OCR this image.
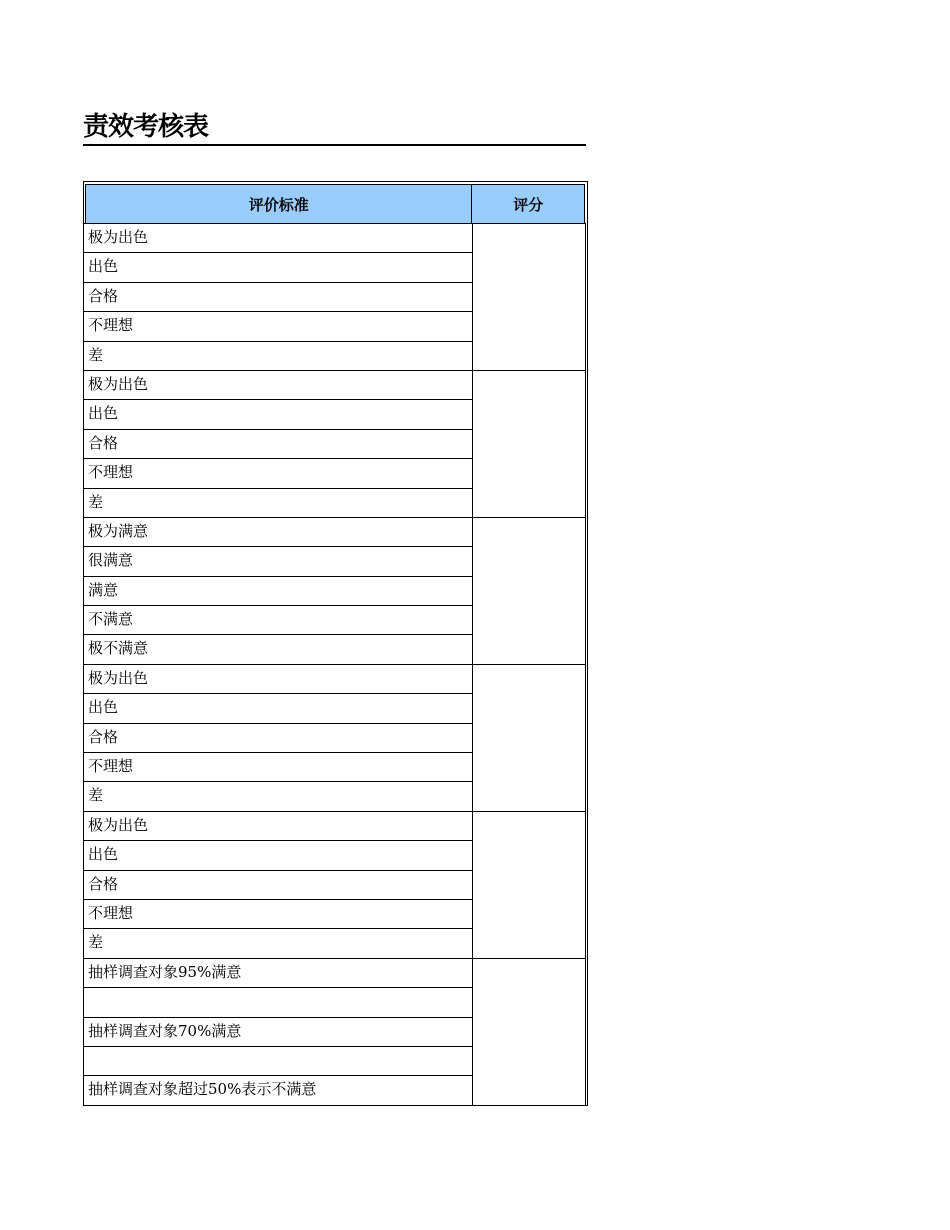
责效考核表
评价标准	评分
极为出色
出色
合格
不理想
差
极为出色
出色
合格
不理想
差
极为满意
很满意
满意
不满意
极不满意
极为出色
出色
合格
不理想
差
极为出色
出色
合格
不理想
差
抽样调查对象95%满意
抽样调查对象70%满意
抽样调查对象超过50%表示不满意
